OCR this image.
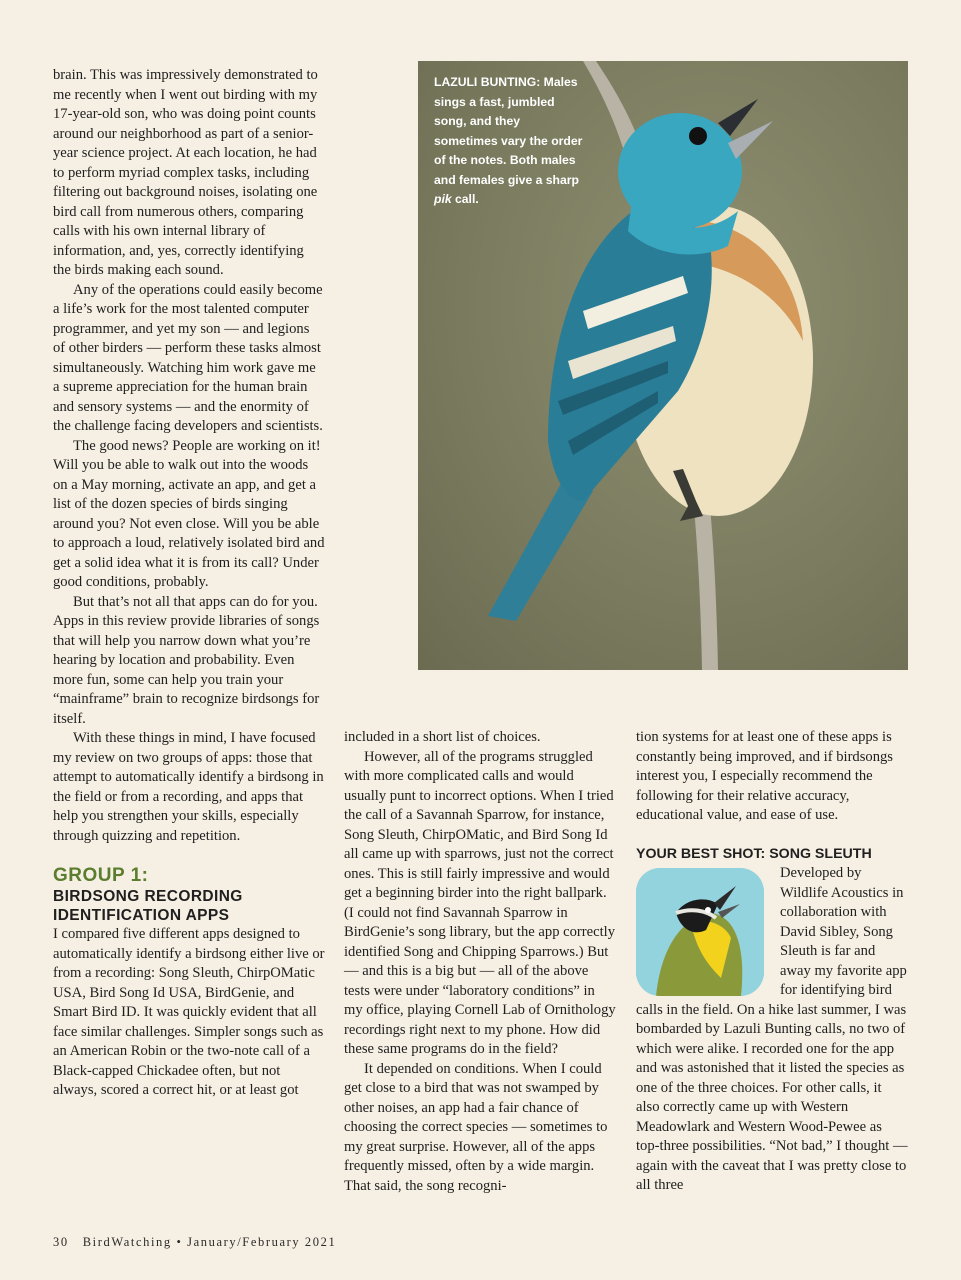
brain. This was impressively demonstrated to me recently when I went out birding with my 17-year-old son, who was doing point counts around our neighborhood as part of a senior-year science project. At each location, he had to perform myriad complex tasks, including filtering out background noises, isolating one bird call from numerous others, comparing calls with his own internal library of information, and, yes, correctly identifying the birds making each sound.

Any of the operations could easily become a life’s work for the most talented computer programmer, and yet my son — and legions of other birders — perform these tasks almost simultaneously. Watching him work gave me a supreme appreciation for the human brain and sensory systems — and the enormity of the challenge facing developers and scientists.

The good news? People are working on it! Will you be able to walk out into the woods on a May morning, activate an app, and get a list of the dozen species of birds singing around you? Not even close. Will you be able to approach a loud, relatively isolated bird and get a solid idea what it is from its call? Under good conditions, probably.

But that’s not all that apps can do for you. Apps in this review provide libraries of songs that will help you narrow down what you’re hearing by location and probability. Even more fun, some can help you train your “mainframe” brain to recognize birdsongs for itself.

With these things in mind, I have focused my review on two groups of apps: those that attempt to automatically identify a birdsong in the field or from a recording, and apps that help you strengthen your skills, especially through quizzing and repetition.

GROUP 1:
BIRDSONG RECORDING IDENTIFICATION APPS

I compared five different apps designed to automatically identify a birdsong either live or from a recording: Song Sleuth, ChirpOMatic USA, Bird Song Id USA, BirdGenie, and Smart Bird ID. It was quickly evident that all face similar challenges. Simpler songs such as an American Robin or the two-note call of a Black-capped Chickadee often, but not always, scored a correct hit, or at least got

LAZULI BUNTING: Males sings a fast, jumbled song, and they sometimes vary the order of the notes. Both males and females give a sharp pik call.

included in a short list of choices.

However, all of the programs struggled with more complicated calls and would usually punt to incorrect options. When I tried the call of a Savannah Sparrow, for instance, Song Sleuth, ChirpOMatic, and Bird Song Id all came up with sparrows, just not the correct ones. This is still fairly impressive and would get a beginning birder into the right ballpark. (I could not find Savannah Sparrow in BirdGenie’s song library, but the app correctly identified Song and Chipping Sparrows.) But — and this is a big but — all of the above tests were under “laboratory conditions” in my office, playing Cornell Lab of Ornithology recordings right next to my phone. How did these same programs do in the field?

It depended on conditions. When I could get close to a bird that was not swamped by other noises, an app had a fair chance of choosing the correct species — sometimes to my great surprise. However, all of the apps frequently missed, often by a wide margin. That said, the song recogni-

tion systems for at least one of these apps is constantly being improved, and if birdsongs interest you, I especially recommend the following for their relative accuracy, educational value, and ease of use.

YOUR BEST SHOT: SONG SLEUTH

Developed by Wildlife Acoustics in collaboration with David Sibley, Song Sleuth is far and away my favorite app for identifying bird calls in the field. On a hike last summer, I was bombarded by Lazuli Bunting calls, no two of which were alike. I recorded one for the app and was astonished that it listed the species as one of the three choices. For other calls, it also correctly came up with Western Meadowlark and Western Wood-Pewee as top-three possibilities. “Not bad,” I thought — again with the caveat that I was pretty close to all three

30 BirdWatching • January/February 2021
